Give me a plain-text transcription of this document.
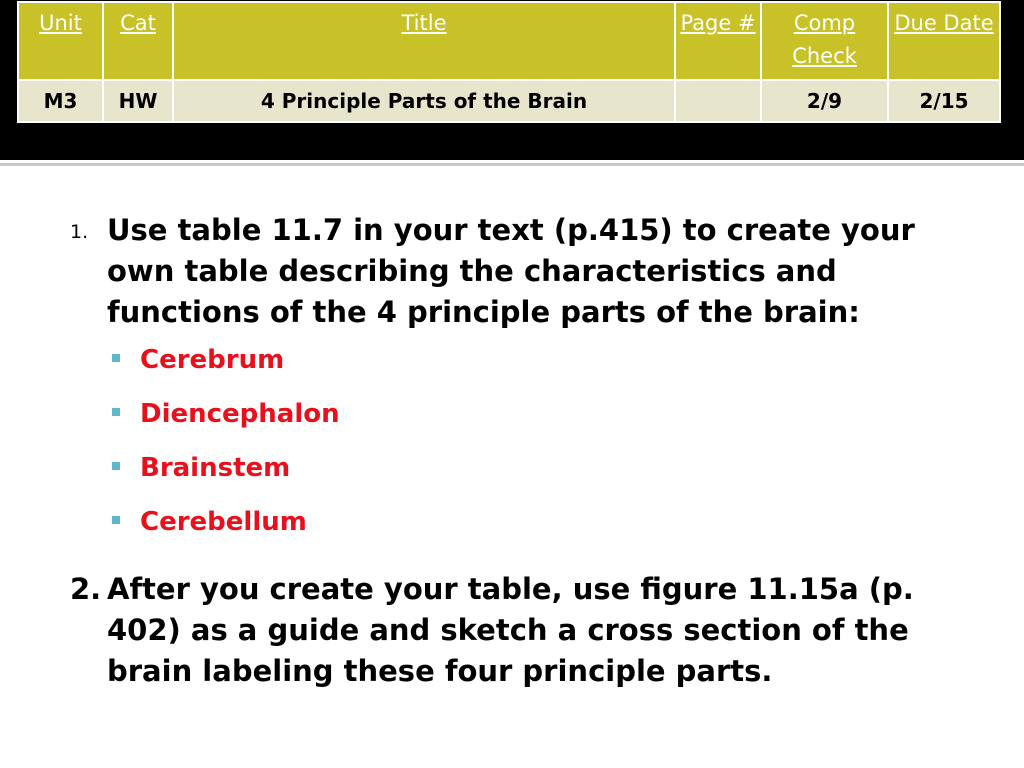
Unit	Cat	Title	Page #	Comp Check	Due Date
M3	HW	4 Principle Parts of the Brain		2/9	2/15
1. Use table 11.7 in your text (p.415) to create your own table describing the characteristics and functions of the 4 principle parts of the brain:
Cerebrum
Diencephalon
Brainstem
Cerebellum
2. After you create your table, use figure 11.15a (p. 402) as a guide and sketch a cross section of the brain labeling these four principle parts.
